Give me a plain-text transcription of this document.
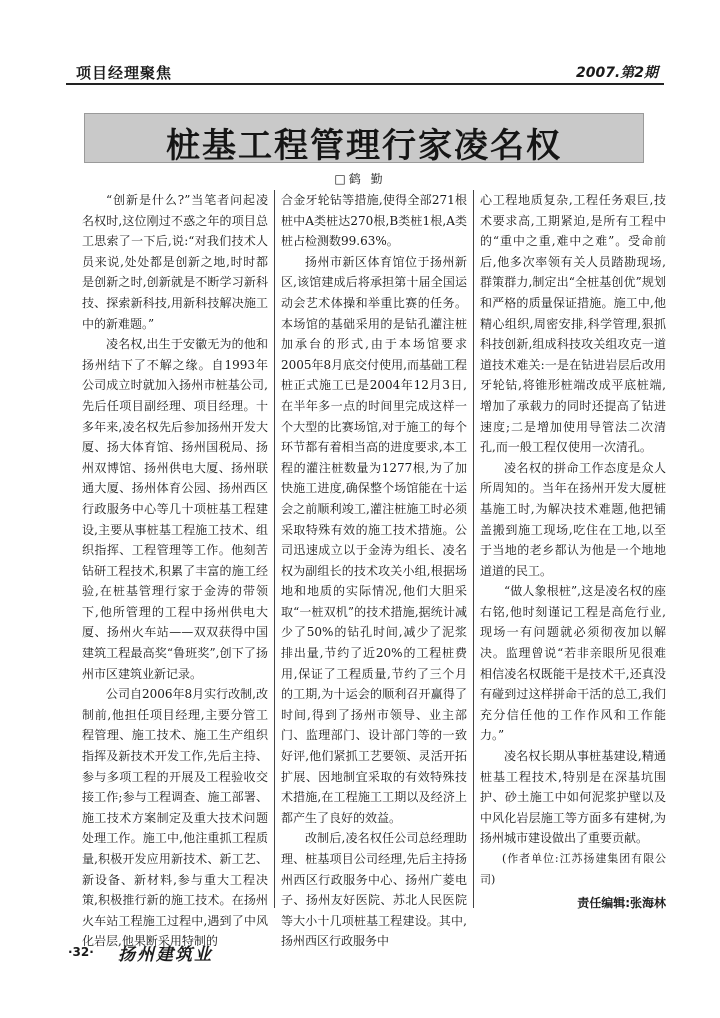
项目经理聚焦	2007.第2期
桩基工程管理行家凌名权
□鹤 勤

“创新是什么?”当笔者问起凌名权时,这位刚过不惑之年的项目总工思索了一下后,说:“对我们技术人员来说,处处都是创新之地,时时都是创新之时,创新就是不断学习新科技、探索新科技,用新科技解决施工中的新难题。”

凌名权,出生于安徽无为的他和扬州结下了不解之缘。自1993年公司成立时就加入扬州市桩基公司,先后任项目副经理、项目经理。十多年来,凌名权先后参加扬州开发大厦、扬大体育馆、扬州国税局、扬州双博馆、扬州供电大厦、扬州联通大厦、扬州体育公园、扬州西区行政服务中心等几十项桩基工程建设,主要从事桩基工程施工技术、组织指挥、工程管理等工作。他刻苦钻研工程技术,积累了丰富的施工经验,在桩基管理行家于金涛的带领下,他所管理的工程中扬州供电大厦、扬州火车站——双双获得中国建筑工程最高奖“鲁班奖”,创下了扬州市区建筑业新记录。

公司自2006年8月实行改制,改制前,他担任项目经理,主要分管工程管理、施工技术、施工生产组织指挥及新技术开发工作,先后主持、参与多项工程的开展及工程验收交接工作;参与工程调查、施工部署、施工技术方案制定及重大技术问题处理工作。施工中,他注重抓工程质量,积极开发应用新技术、新工艺、新设备、新材料,参与重大工程决策,积极推行新的施工技术。在扬州火车站工程施工过程中,遇到了中风化岩层,他果断采用特制的

合金牙轮钻等措施,使得全部271根桩中A类桩达270根,B类桩1根,A类桩占检测数99.63%。

扬州市新区体育馆位于扬州新区,该馆建成后将承担第十届全国运动会艺术体操和举重比赛的任务。本场馆的基础采用的是钻孔灌注桩加承台的形式,由于本场馆要求2005年8月底交付使用,而基础工程桩正式施工已是2004年12月3日,在半年多一点的时间里完成这样一个大型的比赛场馆,对于施工的每个环节都有着相当高的进度要求,本工程的灌注桩数量为1277根,为了加快施工进度,确保整个场馆能在十运会之前顺利竣工,灌注桩施工时必须采取特殊有效的施工技术措施。公司迅速成立以于金涛为组长、凌名权为副组长的技术攻关小组,根据场地和地质的实际情况,他们大胆采取“一桩双机”的技术措施,据统计减少了50%的钻孔时间,减少了泥浆排出量,节约了近20%的工程桩费用,保证了工程质量,节约了三个月的工期,为十运会的顺利召开赢得了时间,得到了扬州市领导、业主部门、监理部门、设计部门等的一致好评,他们紧抓工艺要领、灵活开拓扩展、因地制宜采取的有效特殊技术措施,在工程施工工期以及经济上都产生了良好的效益。

改制后,凌名权任公司总经理助理、桩基项目公司经理,先后主持扬州西区行政服务中心、扬州广菱电子、扬州友好医院、苏北人民医院等大小十几项桩基工程建设。其中,扬州西区行政服务中

心工程地质复杂,工程任务艰巨,技术要求高,工期紧迫,是所有工程中的“重中之重,难中之难”。受命前后,他多次率领有关人员踏勘现场,群策群力,制定出“全桩基创优”规划和严格的质量保证措施。施工中,他精心组织,周密安排,科学管理,狠抓科技创新,组成科技攻关组攻克一道道技术难关:一是在钻进岩层后改用牙轮钻,将锥形桩端改成平底桩端,增加了承载力的同时还提高了钻进速度;二是增加使用导管法二次清孔,而一般工程仅使用一次清孔。

凌名权的拼命工作态度是众人所周知的。当年在扬州开发大厦桩基施工时,为解决技术难题,他把铺盖搬到施工现场,吃住在工地,以至于当地的老乡都认为他是一个地地道道的民工。

“做人象根桩”,这是凌名权的座右铭,他时刻谨记工程是高危行业,现场一有问题就必须彻夜加以解决。监理曾说“若非亲眼所见很难相信凌名权既能干是技术干,还真没有碰到过这样拼命干活的总工,我们充分信任他的工作作风和工作能力。”

凌名权长期从事桩基建设,精通桩基工程技术,特别是在深基坑围护、砂土施工中如何泥浆护壁以及中风化岩层施工等方面多有建树,为扬州城市建设做出了重要贡献。

(作者单位:江苏扬建集团有限公司)

责任编辑:张海林
·32· 扬州建筑业
